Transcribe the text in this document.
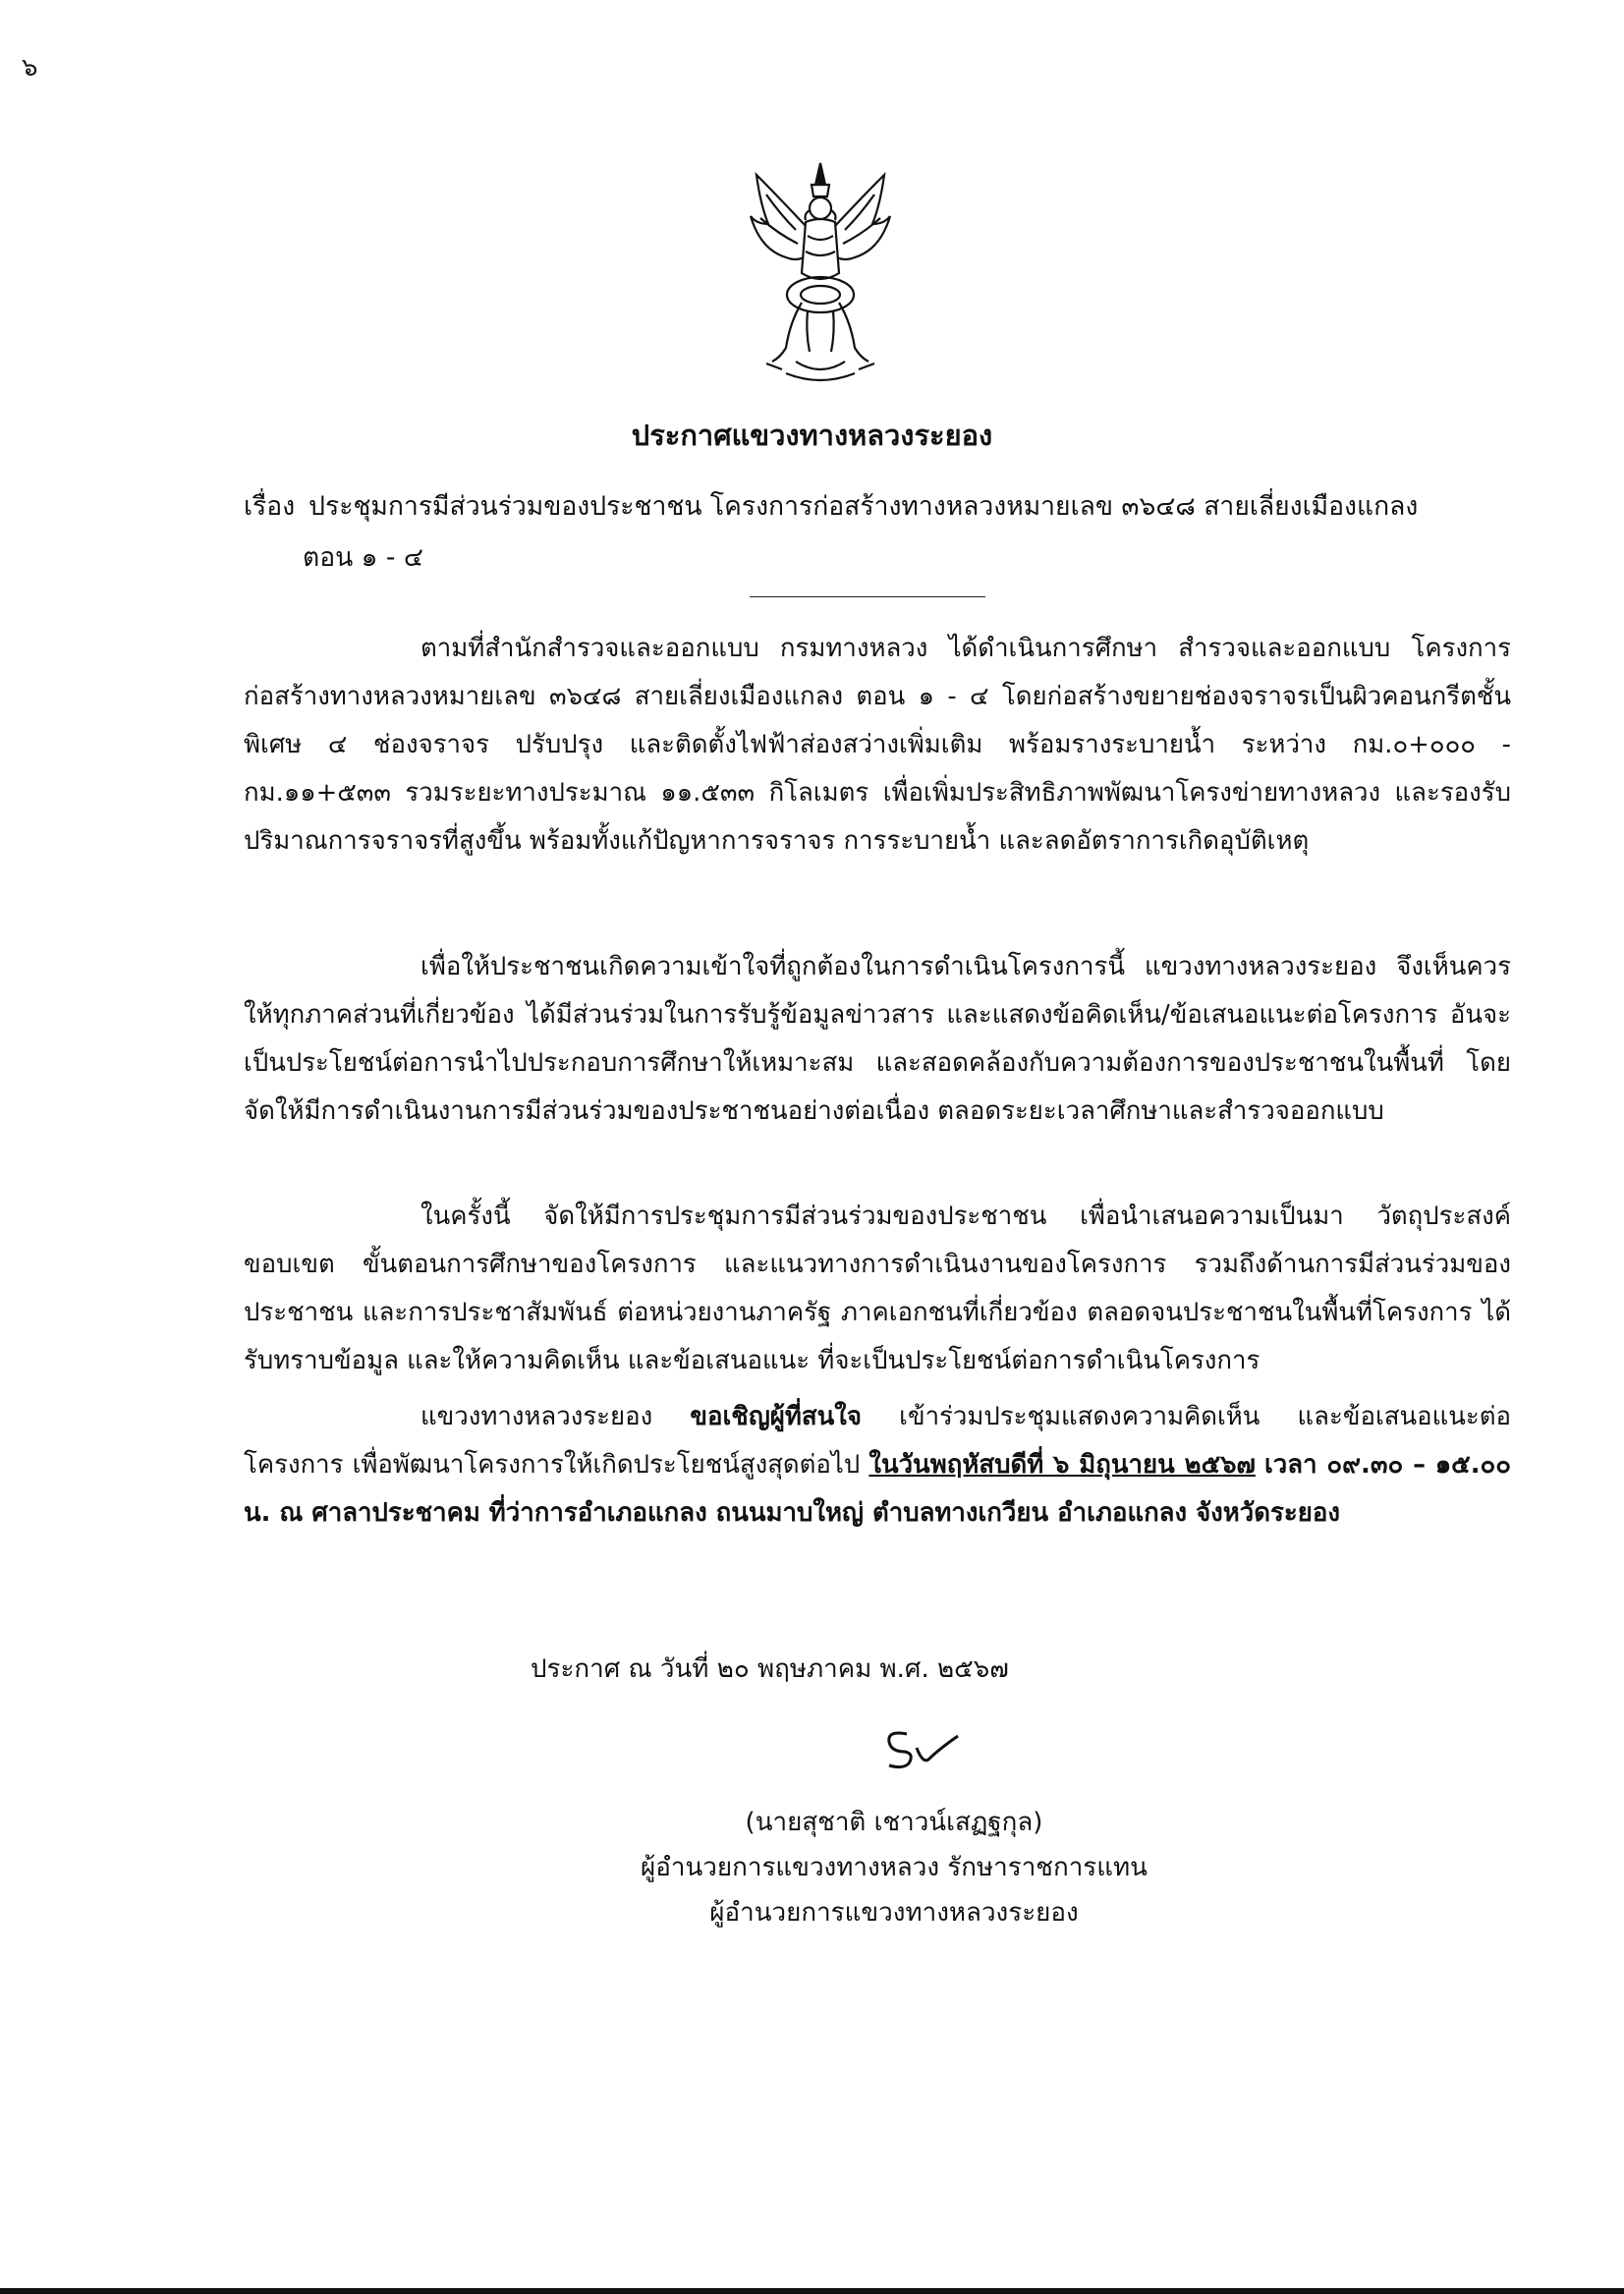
๖
ประกาศแขวงทางหลวงระยอง
เรื่อง ประชุมการมีส่วนร่วมของประชาชน โครงการก่อสร้างทางหลวงหมายเลข ๓๖๔๘ สายเลี่ยงเมืองแกลง
ตอน ๑ - ๔
ตามที่สำนักสำรวจและออกแบบ กรมทางหลวง ได้ดำเนินการศึกษา สำรวจและออกแบบ โครงการก่อสร้างทางหลวงหมายเลข ๓๖๔๘ สายเลี่ยงเมืองแกลง ตอน ๑ - ๔ โดยก่อสร้างขยายช่องจราจรเป็นผิวคอนกรีตชั้นพิเศษ ๔ ช่องจราจร ปรับปรุง และติดตั้งไฟฟ้าส่องสว่างเพิ่มเติม พร้อมรางระบายน้ำ ระหว่าง กม.๐+๐๐๐ - กม.๑๑+๕๓๓ รวมระยะทางประมาณ ๑๑.๕๓๓ กิโลเมตร เพื่อเพิ่มประสิทธิภาพพัฒนาโครงข่ายทางหลวง และรองรับปริมาณการจราจรที่สูงขึ้น พร้อมทั้งแก้ปัญหาการจราจร การระบายน้ำ และลดอัตราการเกิดอุบัติเหตุ
เพื่อให้ประชาชนเกิดความเข้าใจที่ถูกต้องในการดำเนินโครงการนี้ แขวงทางหลวงระยอง จึงเห็นควร ให้ทุกภาคส่วนที่เกี่ยวข้อง ได้มีส่วนร่วมในการรับรู้ข้อมูลข่าวสาร และแสดงข้อคิดเห็น/ข้อเสนอแนะต่อโครงการ อันจะเป็นประโยชน์ต่อการนำไปประกอบการศึกษาให้เหมาะสม และสอดคล้องกับความต้องการของประชาชนในพื้นที่ โดยจัดให้มีการดำเนินงานการมีส่วนร่วมของประชาชนอย่างต่อเนื่อง ตลอดระยะเวลาศึกษาและสำรวจออกแบบ
ในครั้งนี้ จัดให้มีการประชุมการมีส่วนร่วมของประชาชน เพื่อนำเสนอความเป็นมา วัตถุประสงค์ ขอบเขต ขั้นตอนการศึกษาของโครงการ และแนวทางการดำเนินงานของโครงการ รวมถึงด้านการมีส่วนร่วมของประชาชน และการประชาสัมพันธ์ ต่อหน่วยงานภาครัฐ ภาคเอกชนที่เกี่ยวข้อง ตลอดจนประชาชนในพื้นที่โครงการ ได้รับทราบข้อมูล และให้ความคิดเห็น และข้อเสนอแนะ ที่จะเป็นประโยชน์ต่อการดำเนินโครงการ
แขวงทางหลวงระยอง ขอเชิญผู้ที่สนใจ เข้าร่วมประชุมแสดงความคิดเห็น และข้อเสนอแนะต่อโครงการ เพื่อพัฒนาโครงการให้เกิดประโยชน์สูงสุดต่อไป ในวันพฤหัสบดีที่ ๖ มิถุนายน ๒๕๖๗ เวลา ๐๙.๓๐ – ๑๕.๐๐ น. ณ ศาลาประชาคม ที่ว่าการอำเภอแกลง ถนนมาบใหญ่ ตำบลทางเกวียน อำเภอแกลง จังหวัดระยอง
ประกาศ ณ วันที่ ๒๐ พฤษภาคม พ.ศ. ๒๕๖๗
(นายสุชาติ เชาวน์เสฏฐกุล)
ผู้อำนวยการแขวงทางหลวง รักษาราชการแทน
ผู้อำนวยการแขวงทางหลวงระยอง
